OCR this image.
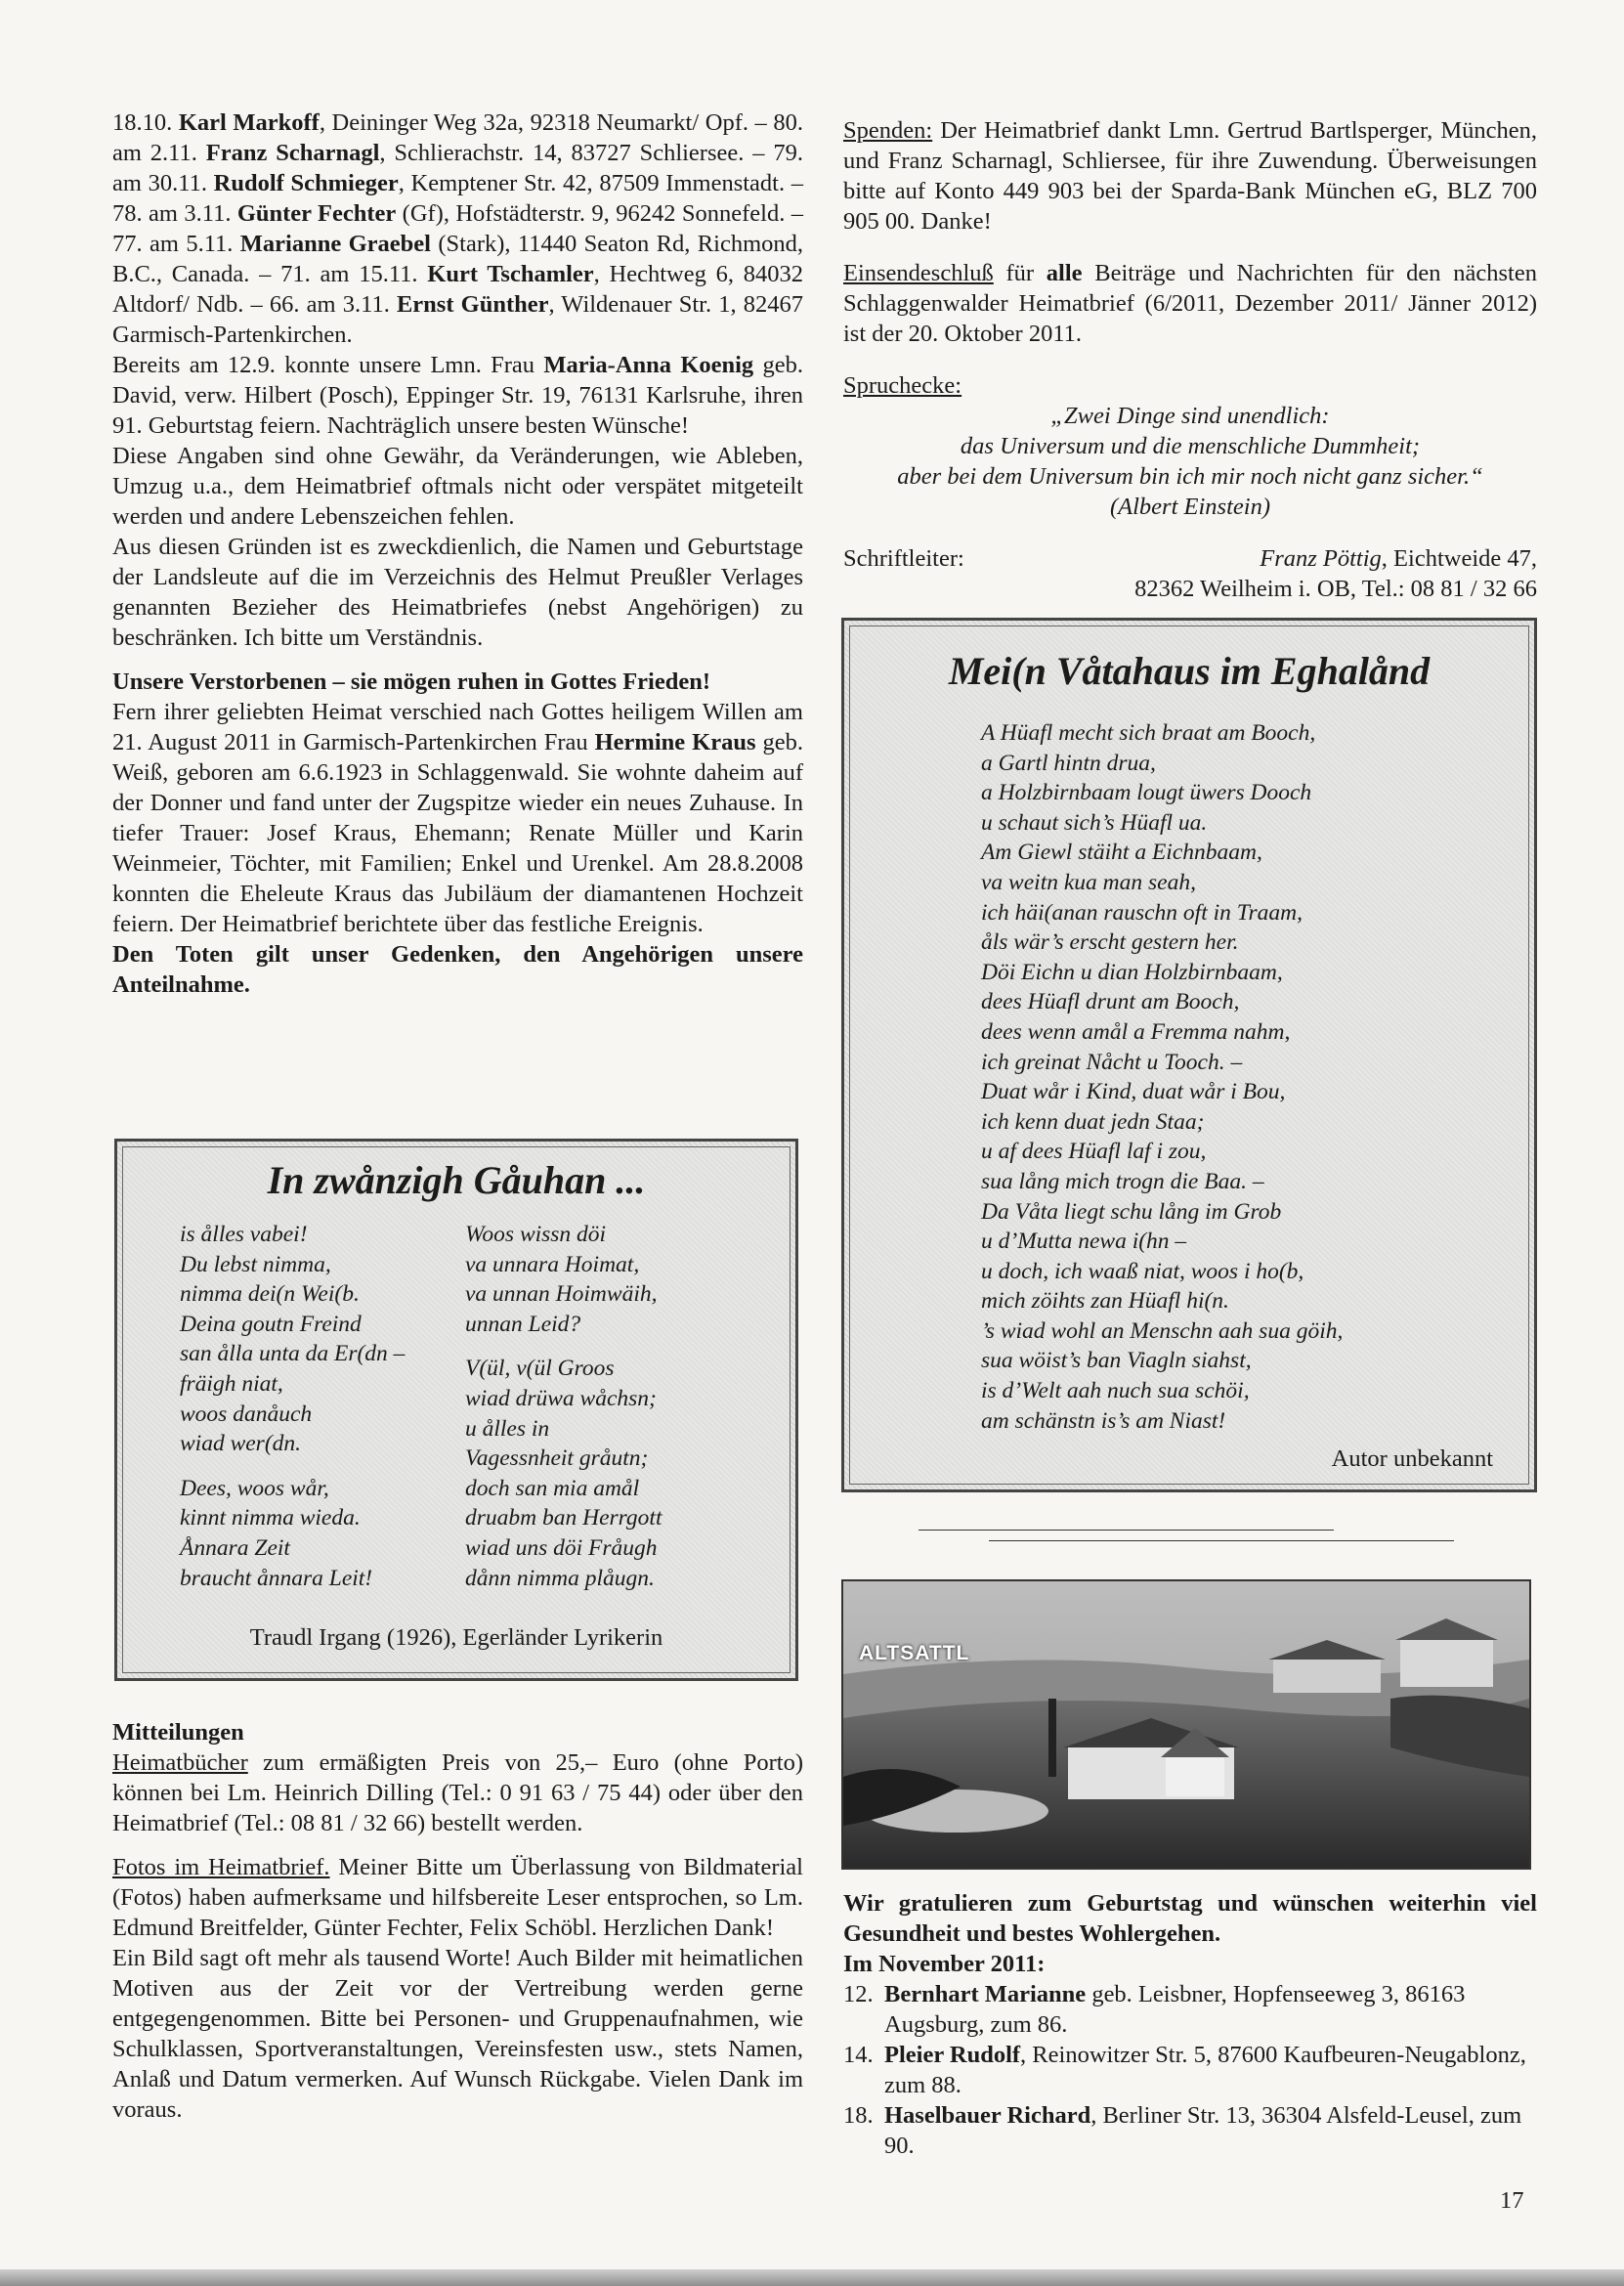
18.10. Karl Markoff, Deininger Weg 32a, 92318 Neumarkt/ Opf. – 80. am 2.11. Franz Scharnagl, Schlierachstr. 14, 83727 Schliersee. – 79. am 30.11. Rudolf Schmieger, Kemptener Str. 42, 87509 Immenstadt. – 78. am 3.11. Günter Fechter (Gf), Hofstädterstr. 9, 96242 Sonnefeld. – 77. am 5.11. Marianne Graebel (Stark), 11440 Seaton Rd, Richmond, B.C., Canada. – 71. am 15.11. Kurt Tschamler, Hechtweg 6, 84032 Altdorf/ Ndb. – 66. am 3.11. Ernst Günther, Wildenauer Str. 1, 82467 Garmisch-Partenkirchen.

Bereits am 12.9. konnte unsere Lmn. Frau Maria-Anna Koenig geb. David, verw. Hilbert (Posch), Eppinger Str. 19, 76131 Karlsruhe, ihren 91. Geburtstag feiern. Nachträglich unsere besten Wünsche!

Diese Angaben sind ohne Gewähr, da Veränderungen, wie Ableben, Umzug u.a., dem Heimatbrief oftmals nicht oder verspätet mitgeteilt werden und andere Lebenszeichen fehlen.

Aus diesen Gründen ist es zweckdienlich, die Namen und Geburtstage der Landsleute auf die im Verzeichnis des Helmut Preußler Verlages genannten Bezieher des Heimatbriefes (nebst Angehörigen) zu beschränken. Ich bitte um Verständnis.

Unsere Verstorbenen – sie mögen ruhen in Gottes Frieden!

Fern ihrer geliebten Heimat verschied nach Gottes heiligem Willen am 21. August 2011 in Garmisch-Partenkirchen Frau Hermine Kraus geb. Weiß, geboren am 6.6.1923 in Schlaggenwald. Sie wohnte daheim auf der Donner und fand unter der Zugspitze wieder ein neues Zuhause. In tiefer Trauer: Josef Kraus, Ehemann; Renate Müller und Karin Weinmeier, Töchter, mit Familien; Enkel und Urenkel. Am 28.8.2008 konnten die Eheleute Kraus das Jubiläum der diamantenen Hochzeit feiern. Der Heimatbrief berichtete über das festliche Ereignis.

Den Toten gilt unser Gedenken, den Angehörigen unsere Anteilnahme.

In zwånzigh Gåuhan ...
is ålles vabei!
Du lebst nimma,
nimma dei(n Wei(b.
Deina goutn Freind
san ålla unta da Er(dn –
fräigh niat,
woos danåuch
wiad wer(dn.
Dees, woos wår,
kinnt nimma wieda.
Ånnara Zeit
braucht ånnara Leit!
Woos wissn döi
va unnara Hoimat,
va unnan Hoimwäih,
unnan Leid?
V(ül, v(ül Groos
wiad drüwa wåchsn;
u ålles in
Vagessnheit gråutn;
doch san mia amål
druabm ban Herrgott
wiad uns döi Fråugh
dånn nimma plåugn.
Traudl Irgang (1926), Egerländer Lyrikerin

Mitteilungen

Heimatbücher zum ermäßigten Preis von 25,– Euro (ohne Porto) können bei Lm. Heinrich Dilling (Tel.: 0 91 63 / 75 44) oder über den Heimatbrief (Tel.: 08 81 / 32 66) bestellt werden.

Fotos im Heimatbrief. Meiner Bitte um Überlassung von Bildmaterial (Fotos) haben aufmerksame und hilfsbereite Leser entsprochen, so Lm. Edmund Breitfelder, Günter Fechter, Felix Schöbl. Herzlichen Dank!

Ein Bild sagt oft mehr als tausend Worte! Auch Bilder mit heimatlichen Motiven aus der Zeit vor der Vertreibung werden gerne entgegengenommen. Bitte bei Personen- und Gruppenaufnahmen, wie Schulklassen, Sportveranstaltungen, Vereinsfesten usw., stets Namen, Anlaß und Datum vermerken. Auf Wunsch Rückgabe. Vielen Dank im voraus.

Spenden: Der Heimatbrief dankt Lmn. Gertrud Bartlsperger, München, und Franz Scharnagl, Schliersee, für ihre Zuwendung. Überweisungen bitte auf Konto 449 903 bei der Sparda-Bank München eG, BLZ 700 905 00. Danke!

Einsendeschluß für alle Beiträge und Nachrichten für den nächsten Schlaggenwalder Heimatbrief (6/2011, Dezember 2011/ Jänner 2012) ist der 20. Oktober 2011.

Spruchecke:

„Zwei Dinge sind unendlich:
das Universum und die menschliche Dummheit;
aber bei dem Universum bin ich mir noch nicht ganz sicher.“
(Albert Einstein)
Schriftleiter:	Franz Pöttig, Eichtweide 47,
82362 Weilheim i. OB, Tel.: 08 81 / 32 66
Mei(n Våtahaus im Eghalånd
A Hüafl mecht sich braat am Booch,
a Gartl hintn drua,
a Holzbirnbaam lougt üwers Dooch
u schaut sich’s Hüafl ua.
Am Giewl stäiht a Eichnbaam,
va weitn kua man seah,
ich häi(anan rauschn oft in Traam,
åls wär’s erscht gestern her.
Döi Eichn u dian Holzbirnbaam,
dees Hüafl drunt am Booch,
dees wenn amål a Fremma nahm,
ich greinat Nåcht u Tooch. –
Duat wår i Kind, duat wår i Bou,
ich kenn duat jedn Staa;
u af dees Hüafl laf i zou,
sua lång mich trogn die Baa. –
Da Våta liegt schu lång im Grob
u d’Mutta newa i(hn –
u doch, ich waaß niat, woos i ho(b,
mich zöihts zan Hüafl hi(n.
’s wiad wohl an Menschn aah sua göih,
sua wöist’s ban Viagln siahst,
is d’Welt aah nuch sua schöi,
am schänstn is’s am Niast!
Autor unbekannt
ALTSATTL

Wir gratulieren zum Geburtstag und wünschen weiterhin viel Gesundheit und bestes Wohlergehen.

Im November 2011:

12. Bernhart Marianne geb. Leisbner, Hopfenseeweg 3, 86163 Augsburg, zum 86.
14. Pleier Rudolf, Reinowitzer Str. 5, 87600 Kaufbeuren-Neugablonz, zum 88.
18. Haselbauer Richard, Berliner Str. 13, 36304 Alsfeld-Leusel, zum 90.
17
